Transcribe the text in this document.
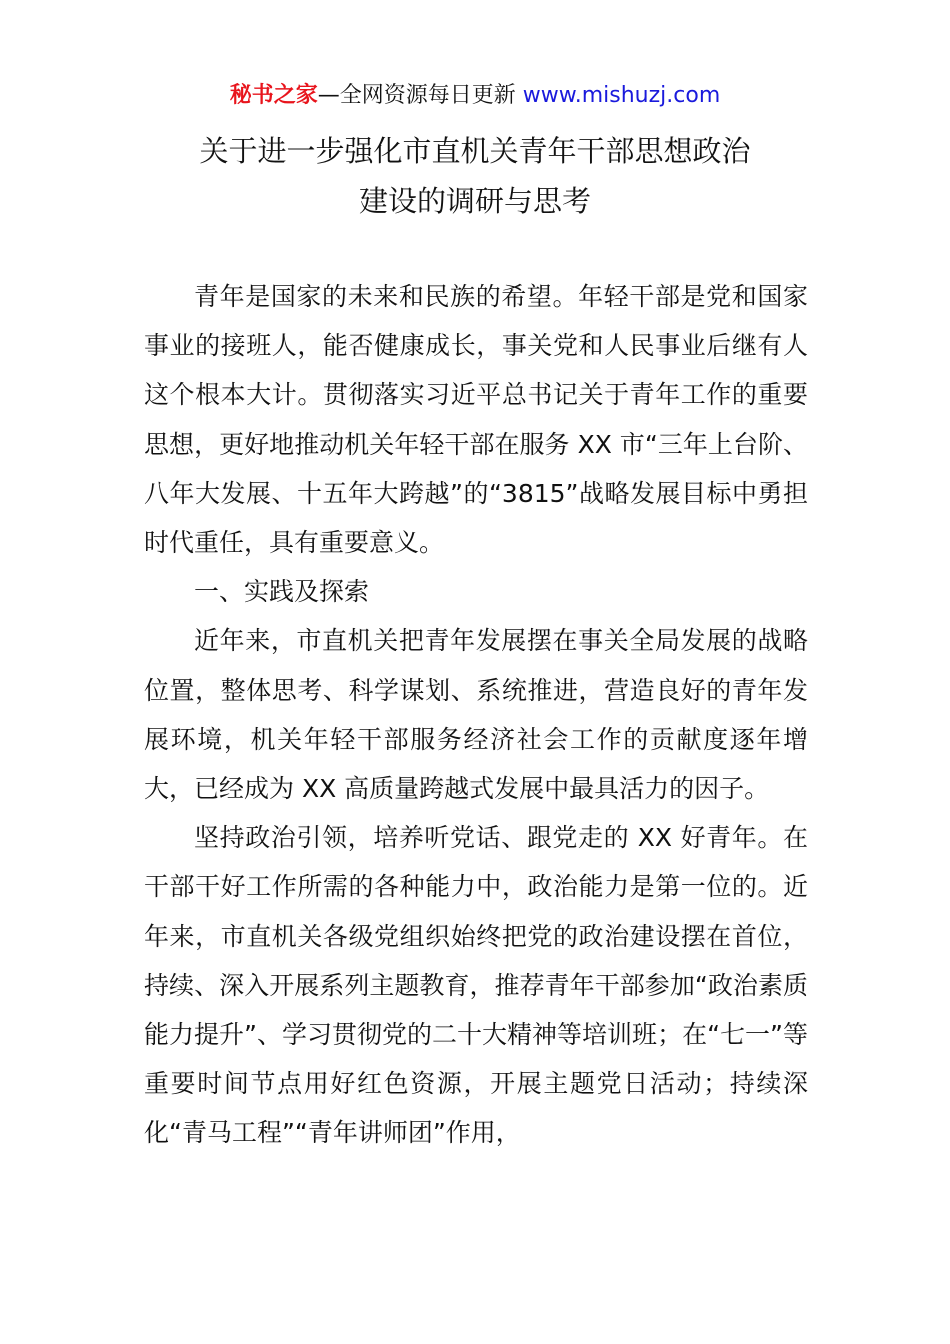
秘书之家—全网资源每日更新 www.mishuzj.com
关于进一步强化市直机关青年干部思想政治
建设的调研与思考

青年是国家的未来和民族的希望。年轻干部是党和国家事业的接班人，能否健康成长，事关党和人民事业后继有人这个根本大计。贯彻落实习近平总书记关于青年工作的重要思想，更好地推动机关年轻干部在服务 XX 市“三年上台阶、八年大发展、十五年大跨越”的“3815”战略发展目标中勇担时代重任，具有重要意义。

一、实践及探索

近年来，市直机关把青年发展摆在事关全局发展的战略位置，整体思考、科学谋划、系统推进，营造良好的青年发展环境，机关年轻干部服务经济社会工作的贡献度逐年增大，已经成为 XX 高质量跨越式发展中最具活力的因子。

坚持政治引领，培养听党话、跟党走的 XX 好青年。在干部干好工作所需的各种能力中，政治能力是第一位的。近年来，市直机关各级党组织始终把党的政治建设摆在首位，持续、深入开展系列主题教育，推荐青年干部参加“政治素质能力提升”、学习贯彻党的二十大精神等培训班；在“七一”等重要时间节点用好红色资源，开展主题党日活动；持续深化“青马工程”“青年讲师团”作用，
